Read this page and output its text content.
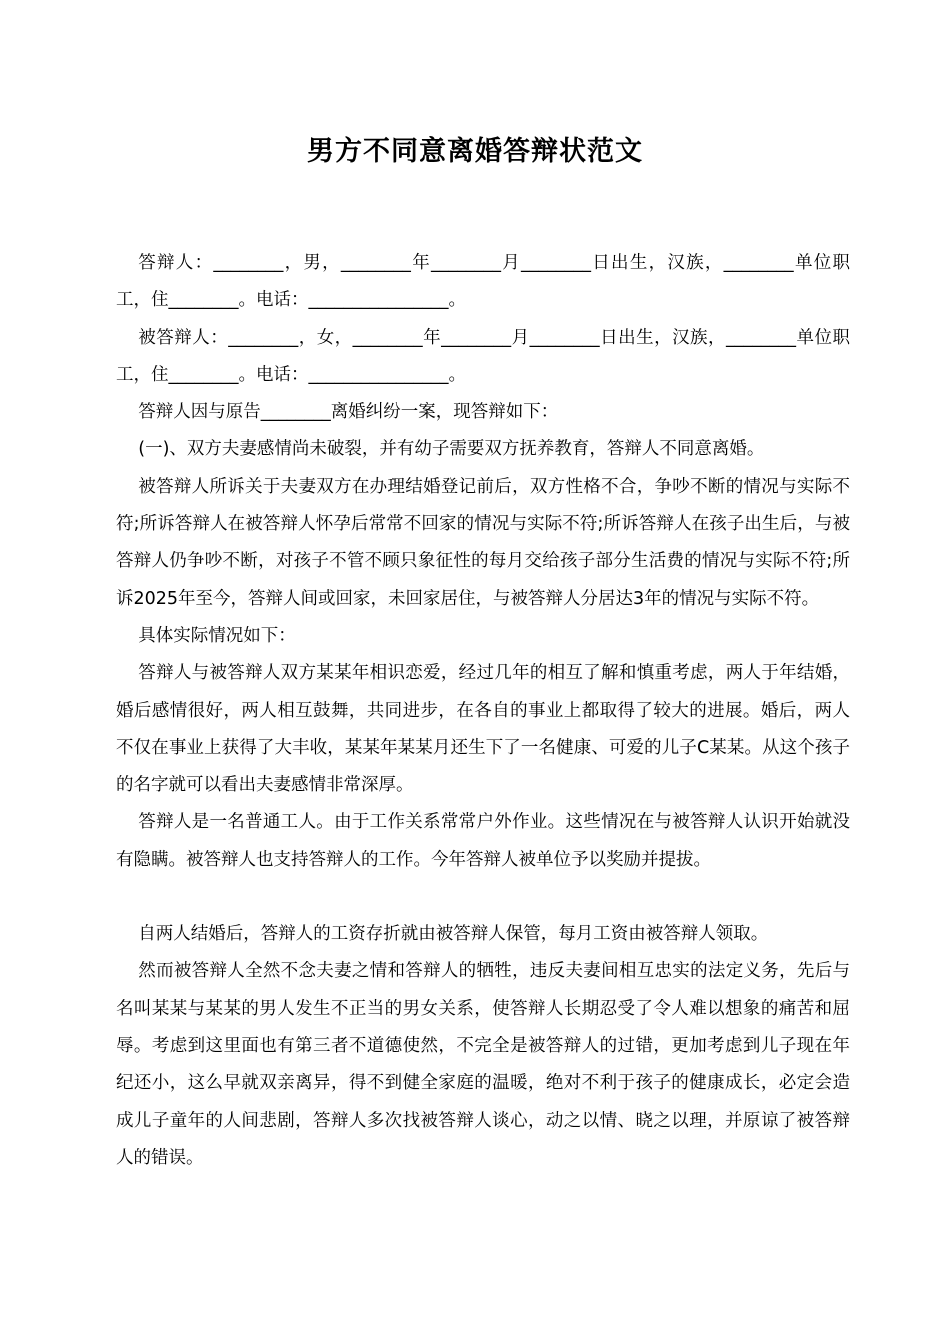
男方不同意离婚答辩状范文

答辩人：________，男，________年________月________日出生，汉族，________单位职工，住________。电话：________________。

被答辩人：________，女，________年________月________日出生，汉族，________单位职工，住________。电话：________________。

答辩人因与原告________离婚纠纷一案，现答辩如下：

(一)、双方夫妻感情尚未破裂，并有幼子需要双方抚养教育，答辩人不同意离婚。

被答辩人所诉关于夫妻双方在办理结婚登记前后，双方性格不合，争吵不断的情况与实际不符;所诉答辩人在被答辩人怀孕后常常不回家的情况与实际不符;所诉答辩人在孩子出生后，与被答辩人仍争吵不断，对孩子不管不顾只象征性的每月交给孩子部分生活费的情况与实际不符;所诉2025年至今，答辩人间或回家，未回家居住，与被答辩人分居达3年的情况与实际不符。

具体实际情况如下：

答辩人与被答辩人双方某某年相识恋爱，经过几年的相互了解和慎重考虑，两人于年结婚，婚后感情很好，两人相互鼓舞，共同进步，在各自的事业上都取得了较大的进展。婚后，两人不仅在事业上获得了大丰收，某某年某某月还生下了一名健康、可爱的儿子C某某。从这个孩子的名字就可以看出夫妻感情非常深厚。

答辩人是一名普通工人。由于工作关系常常户外作业。这些情况在与被答辩人认识开始就没有隐瞒。被答辩人也支持答辩人的工作。今年答辩人被单位予以奖励并提拔。

自两人结婚后，答辩人的工资存折就由被答辩人保管，每月工资由被答辩人领取。

然而被答辩人全然不念夫妻之情和答辩人的牺牲，违反夫妻间相互忠实的法定义务，先后与名叫某某与某某的男人发生不正当的男女关系，使答辩人长期忍受了令人难以想象的痛苦和屈辱。考虑到这里面也有第三者不道德使然，不完全是被答辩人的过错，更加考虑到儿子现在年纪还小，这么早就双亲离异，得不到健全家庭的温暖，绝对不利于孩子的健康成长，必定会造成儿子童年的人间悲剧，答辩人多次找被答辩人谈心，动之以情、晓之以理，并原谅了被答辩人的错误。
